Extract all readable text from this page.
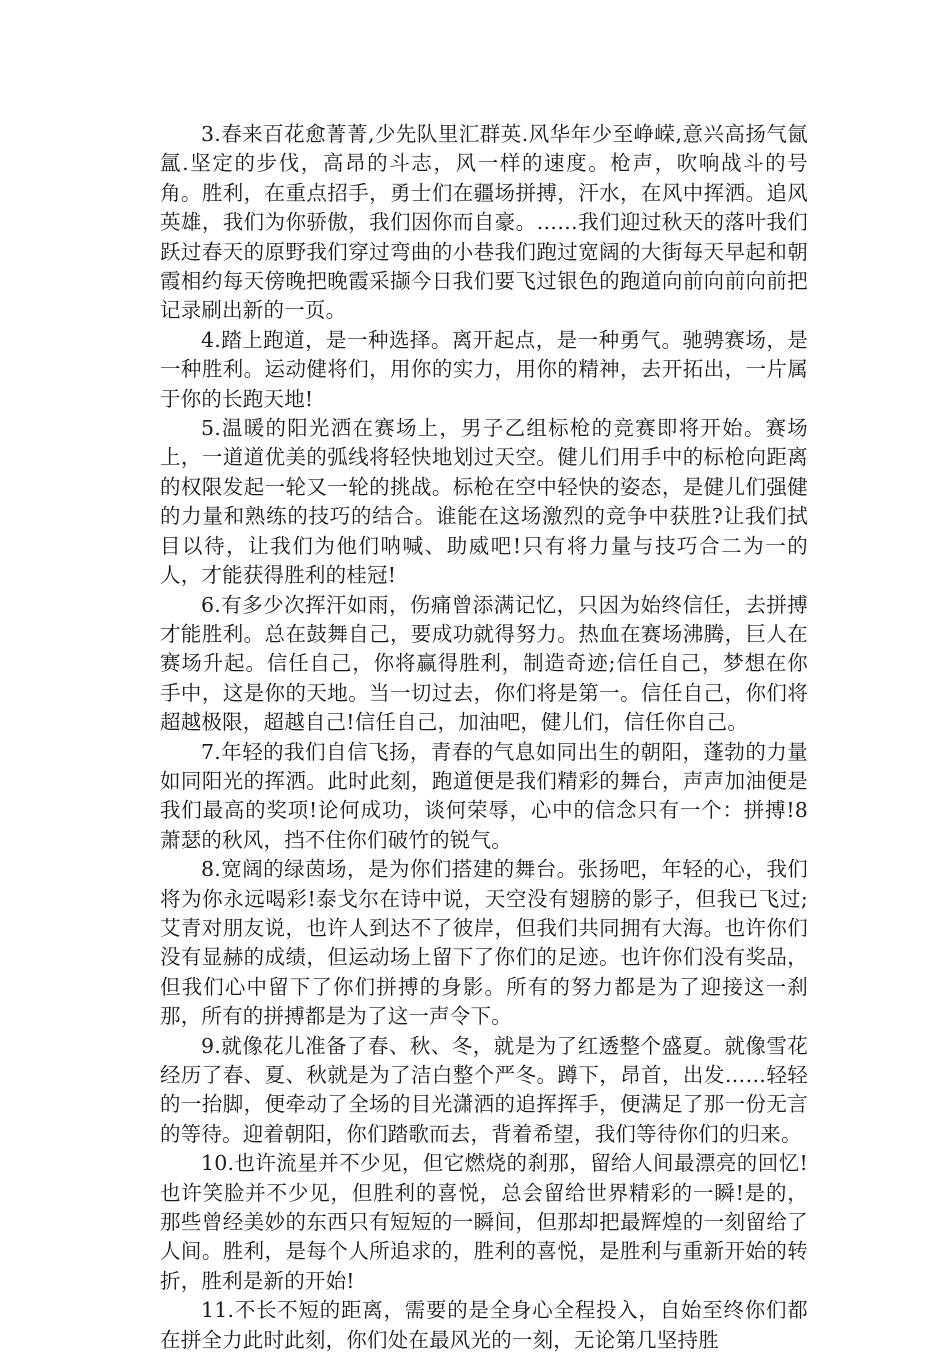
3.春来百花愈菁菁,少先队里汇群英.风华年少至峥嵘,意兴高扬气氤氲.坚定的步伐，高昂的斗志，风一样的速度。枪声，吹响战斗的号角。胜利，在重点招手，勇士们在疆场拼搏，汗水，在风中挥洒。追风英雄，我们为你骄傲，我们因你而自豪。……我们迎过秋天的落叶我们跃过春天的原野我们穿过弯曲的小巷我们跑过宽阔的大街每天早起和朝霞相约每天傍晚把晚霞采撷今日我们要飞过银色的跑道向前向前向前把记录刷出新的一页。

4.踏上跑道，是一种选择。离开起点，是一种勇气。驰骋赛场，是一种胜利。运动健将们，用你的实力，用你的精神，去开拓出，一片属于你的长跑天地!

5.温暖的阳光洒在赛场上，男子乙组标枪的竞赛即将开始。赛场上，一道道优美的弧线将轻快地划过天空。健儿们用手中的标枪向距离的权限发起一轮又一轮的挑战。标枪在空中轻快的姿态，是健儿们强健的力量和熟练的技巧的结合。谁能在这场激烈的竞争中获胜?让我们拭目以待，让我们为他们呐喊、助威吧!只有将力量与技巧合二为一的人，才能获得胜利的桂冠!

6.有多少次挥汗如雨，伤痛曾添满记忆，只因为始终信任，去拼搏才能胜利。总在鼓舞自己，要成功就得努力。热血在赛场沸腾，巨人在赛场升起。信任自己，你将赢得胜利，制造奇迹;信任自己，梦想在你手中，这是你的天地。当一切过去，你们将是第一。信任自己，你们将超越极限，超越自己!信任自己，加油吧，健儿们，信任你自己。

7.年轻的我们自信飞扬，青春的气息如同出生的朝阳，蓬勃的力量如同阳光的挥洒。此时此刻，跑道便是我们精彩的舞台，声声加油便是我们最高的奖项!论何成功，谈何荣辱，心中的信念只有一个：拼搏!8萧瑟的秋风，挡不住你们破竹的锐气。

8.宽阔的绿茵场，是为你们搭建的舞台。张扬吧，年轻的心，我们将为你永远喝彩!泰戈尔在诗中说，天空没有翅膀的影子，但我已飞过;艾青对朋友说，也许人到达不了彼岸，但我们共同拥有大海。也许你们没有显赫的成绩，但运动场上留下了你们的足迹。也许你们没有奖品，但我们心中留下了你们拼搏的身影。所有的努力都是为了迎接这一刹那，所有的拼搏都是为了这一声令下。

9.就像花儿准备了春、秋、冬，就是为了红透整个盛夏。就像雪花经历了春、夏、秋就是为了洁白整个严冬。蹲下，昂首，出发……轻轻的一抬脚，便牵动了全场的目光潇洒的追挥挥手，便满足了那一份无言的等待。迎着朝阳，你们踏歌而去，背着希望，我们等待你们的归来。

10.也许流星并不少见，但它燃烧的刹那，留给人间最漂亮的回忆!也许笑脸并不少见，但胜利的喜悦，总会留给世界精彩的一瞬!是的，那些曾经美妙的东西只有短短的一瞬间，但那却把最辉煌的一刻留给了人间。胜利，是每个人所追求的，胜利的喜悦，是胜利与重新开始的转折，胜利是新的开始!

11.不长不短的距离，需要的是全身心全程投入，自始至终你们都在拼全力此时此刻，你们处在最风光的一刻，无论第几坚持胜
